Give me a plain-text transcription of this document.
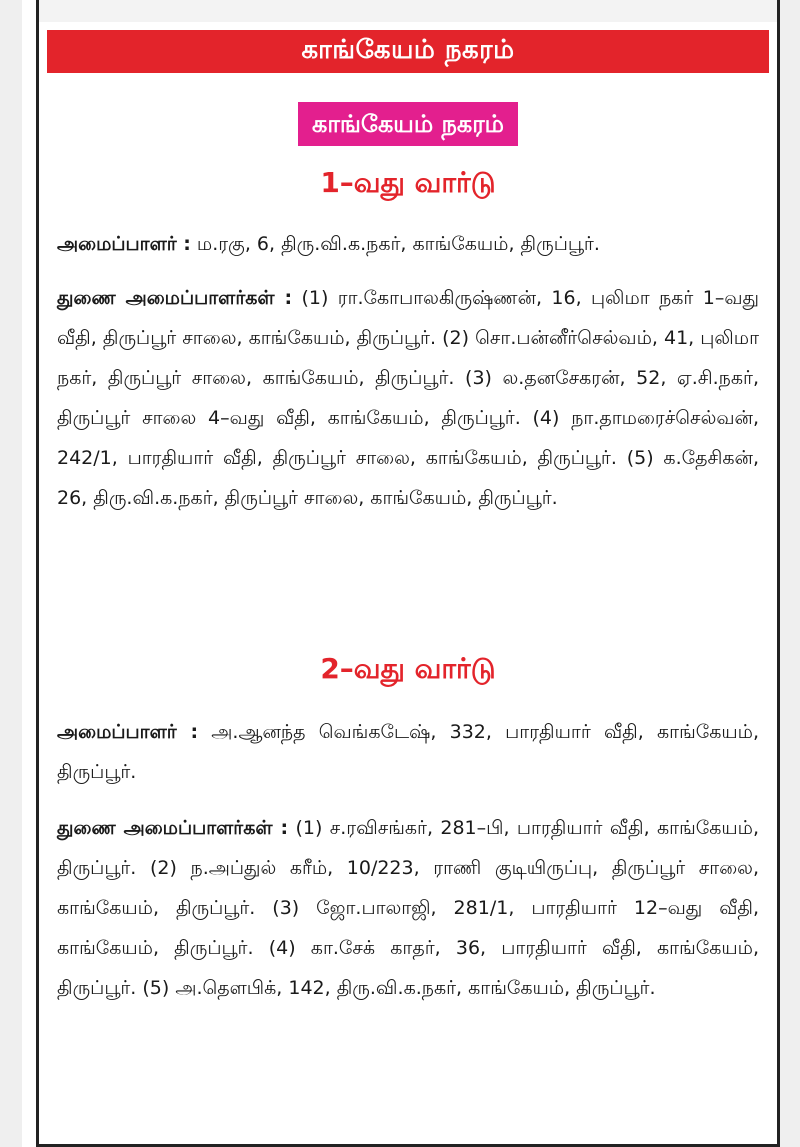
காங்கேயம் நகரம்
காங்கேயம் நகரம்
1–வது வார்டு
அமைப்பாளர் : ம.ரகு, 6, திரு.வி.க.நகர், காங்கேயம், திருப்பூர்.
துணை அமைப்பாளர்கள் : (1) ரா.கோபாலகிருஷ்ணன், 16, புலிமா நகர் 1–வது வீதி, திருப்பூர் சாலை, காங்கேயம், திருப்பூர். (2) சொ.பன்னீர்செல்வம், 41, புலிமா நகர், திருப்பூர் சாலை, காங்கேயம், திருப்பூர். (3) ல.தனசேகரன், 52, ஏ.சி.நகர், திருப்பூர் சாலை 4–வது வீதி, காங்கேயம், திருப்பூர். (4) நா.தாமரைச்செல்வன், 242/1, பாரதியார் வீதி, திருப்பூர் சாலை, காங்கேயம், திருப்பூர். (5) க.தேசிகன், 26, திரு.வி.க.நகர், திருப்பூர் சாலை, காங்கேயம், திருப்பூர்.
2–வது வார்டு
அமைப்பாளர் : அ.ஆனந்த வெங்கடேஷ், 332, பாரதியார் வீதி, காங்கேயம், திருப்பூர்.
துணை அமைப்பாளர்கள் : (1) ச.ரவிசங்கர், 281–பி, பாரதியார் வீதி, காங்கேயம், திருப்பூர். (2) ந.அப்துல் கரீம், 10/223, ராணி குடியிருப்பு, திருப்பூர் சாலை, காங்கேயம், திருப்பூர். (3) ஜோ.பாலாஜி, 281/1, பாரதியார் 12–வது வீதி, காங்கேயம், திருப்பூர். (4) கா.சேக் காதர், 36, பாரதியார் வீதி, காங்கேயம், திருப்பூர். (5) அ.தௌபிக், 142, திரு.வி.க.நகர், காங்கேயம், திருப்பூர்.
